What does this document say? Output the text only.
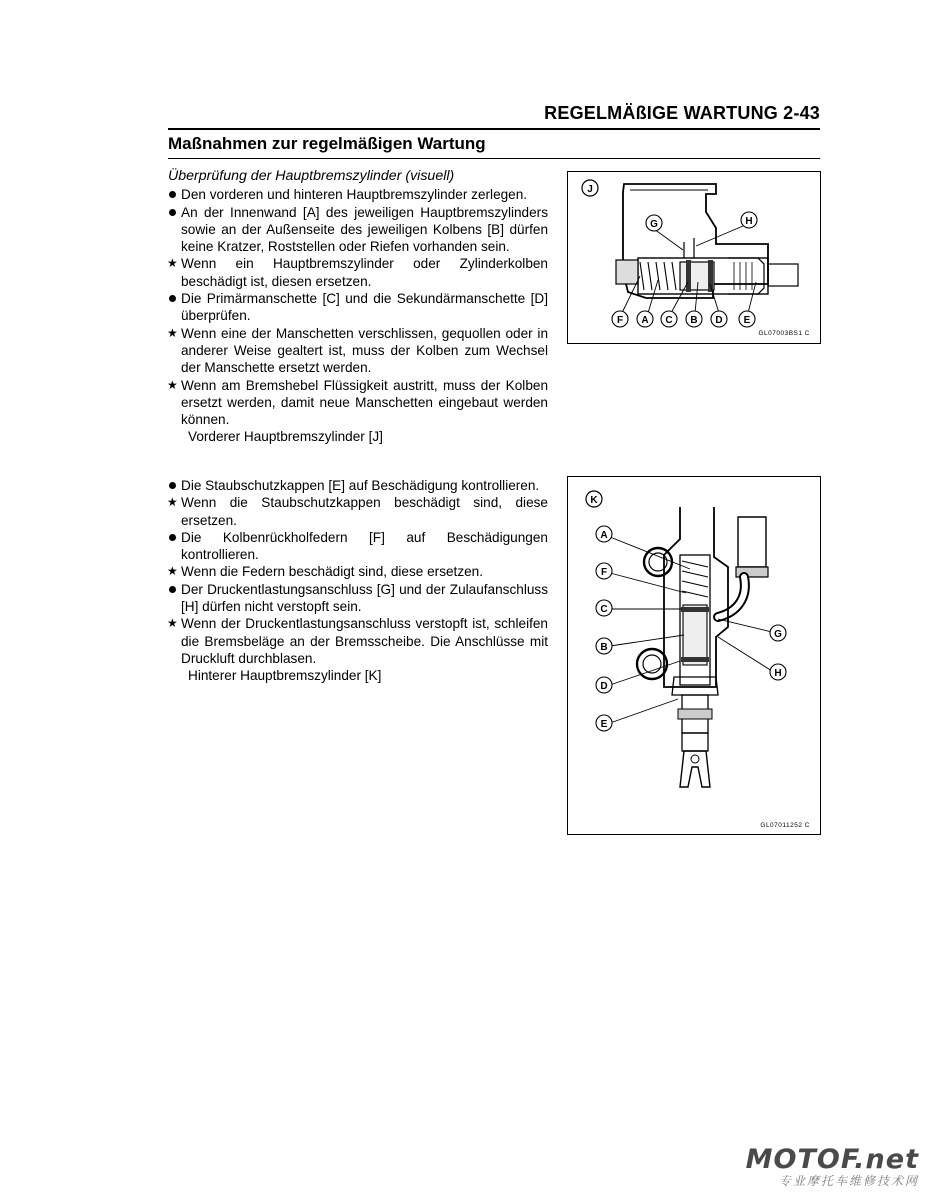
REGELMÄßIGE WARTUNG 2-43
Maßnahmen zur regelmäßigen Wartung
Überprüfung der Hauptbremszylinder (visuell)
Den vorderen und hinteren Hauptbremszylinder zerlegen.
An der Innenwand [A] des jeweiligen Hauptbremszylinders sowie an der Außenseite des jeweiligen Kolbens [B] dürfen keine Kratzer, Roststellen oder Riefen vorhanden sein.
★ Wenn ein Hauptbremszylinder oder Zylinderkolben beschädigt ist, diesen ersetzen.
Die Primärmanschette [C] und die Sekundärmanschette [D] überprüfen.
★ Wenn eine der Manschetten verschlissen, gequollen oder in anderer Weise gealtert ist, muss der Kolben zum Wechsel der Manschette ersetzt werden.
★ Wenn am Bremshebel Flüssigkeit austritt, muss der Kolben ersetzt werden, damit neue Manschetten eingebaut werden können.
Vorderer Hauptbremszylinder [J]
Die Staubschutzkappen [E] auf Beschädigung kontrollieren.
★ Wenn die Staubschutzkappen beschädigt sind, diese ersetzen.
Die Kolbenrückholfedern [F] auf Beschädigungen kontrollieren.
★ Wenn die Federn beschädigt sind, diese ersetzen.
Der Druckentlastungsanschluss [G] und der Zulaufanschluss [H] dürfen nicht verstopft sein.
★ Wenn der Druckentlastungsanschluss verstopft ist, schleifen die Bremsbeläge an der Bremsscheibe. Die Anschlüsse mit Druckluft durchblasen.
Hinterer Hauptbremszylinder [K]
J
G	H
F A C B D E
GL07003BS1 C
K
A
F
C
B
D
E
G
H
GL07011252 C
MOTOF.net
专业摩托车维修技术网
